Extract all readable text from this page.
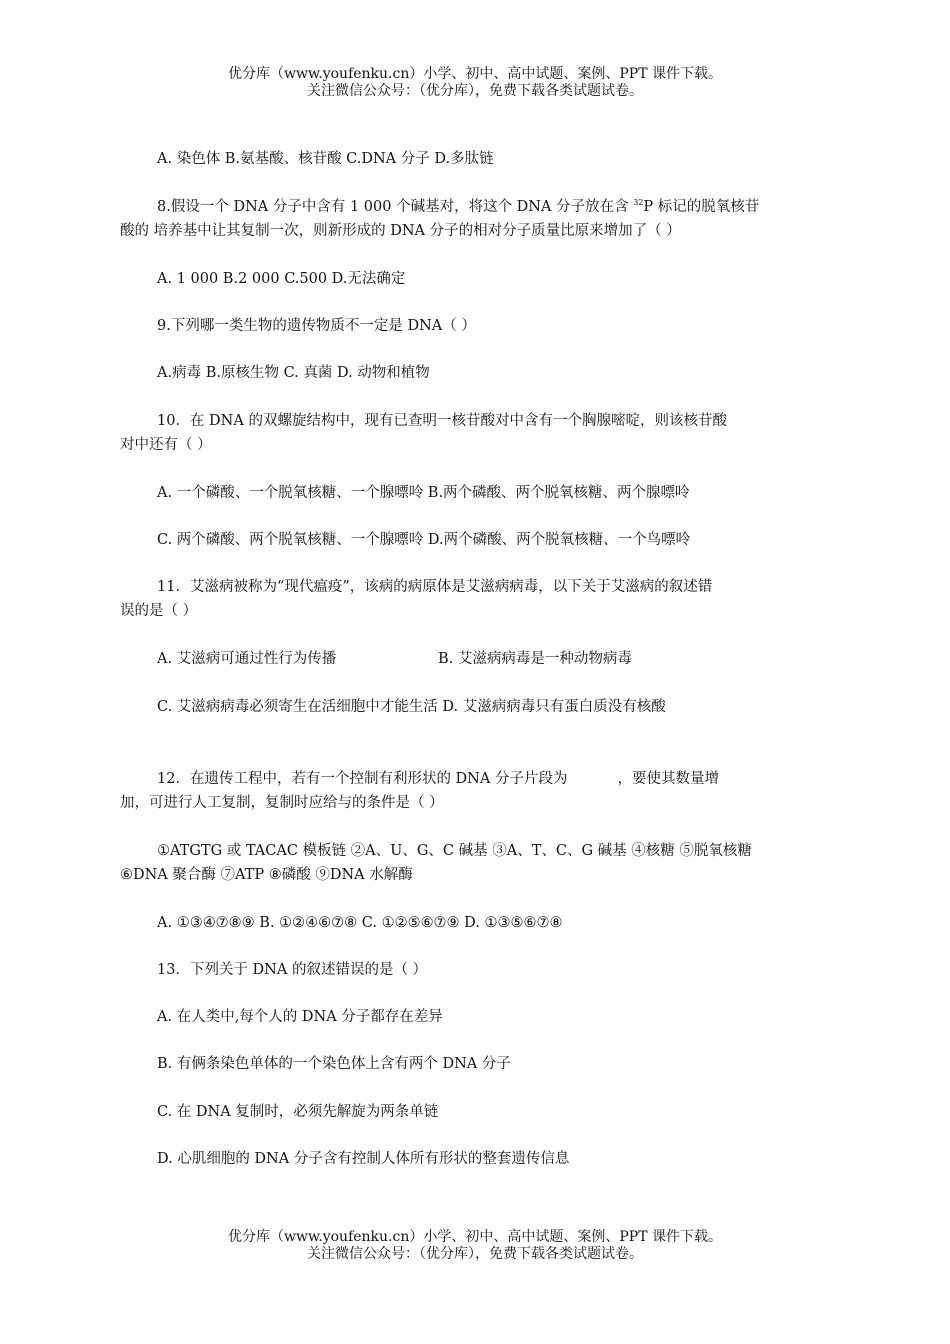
优分库（www.youfenku.cn）小学、初中、高中试题、案例、PPT 课件下载。
关注微信公众号：（优分库），免费下载各类试题试卷。
A. 染色体 B.氨基酸、核苷酸 C.DNA 分子 D.多肽链
8.假设一个 DNA 分子中含有 1 000 个碱基对，将这个 DNA 分子放在含 $^{32}$P 标记的脱氧核苷
酸的 培养基中让其复制一次，则新形成的 DNA 分子的相对分子质量比原来增加了（ ）
A. 1 000 B.2 000 C.500 D.无法确定
9.下列哪一类生物的遗传物质不一定是 DNA（ ）
A.病毒 B.原核生物 C. 真菌 D. 动物和植物
10．在 DNA 的双螺旋结构中，现有已查明一核苷酸对中含有一个胸腺嘧啶，则该核苷酸
对中还有（ ）
A. 一个磷酸、一个脱氧核糖、一个腺嘌呤 B.两个磷酸、两个脱氧核糖、两个腺嘌呤
C. 两个磷酸、两个脱氧核糖、一个腺嘌呤 D.两个磷酸、两个脱氧核糖、一个鸟嘌呤
11．艾滋病被称为“现代瘟疫”，该病的病原体是艾滋病病毒，以下关于艾滋病的叙述错
误的是（ ）
A. 艾滋病可通过性行为传播	B. 艾滋病病毒是一种动物病毒
C. 艾滋病病毒必须寄生在活细胞中才能生活 D. 艾滋病病毒只有蛋白质没有核酸
12．在遗传工程中，若有一个控制有利形状的 DNA 分子片段为	，要使其数量增
加，可进行人工复制，复制时应给与的条件是（ ）
①ATGTG 或 TACAC 模板链 ②A、U、G、C 碱基 ③A、T、C、G 碱基 ④核糖 ⑤脱氧核糖
⑥DNA 聚合酶 ⑦ATP ⑧磷酸 ⑨DNA 水解酶
A. ①③④⑦⑧⑨ B. ①②④⑥⑦⑧ C. ①②⑤⑥⑦⑨ D. ①③⑤⑥⑦⑧
13．下列关于 DNA 的叙述错误的是（ ）
A. 在人类中,每个人的 DNA 分子都存在差异
B. 有俩条染色单体的一个染色体上含有两个 DNA 分子
C. 在 DNA 复制时，必须先解旋为两条单链
D. 心肌细胞的 DNA 分子含有控制人体所有形状的整套遗传信息
优分库（www.youfenku.cn）小学、初中、高中试题、案例、PPT 课件下载。
关注微信公众号：（优分库），免费下载各类试题试卷。
